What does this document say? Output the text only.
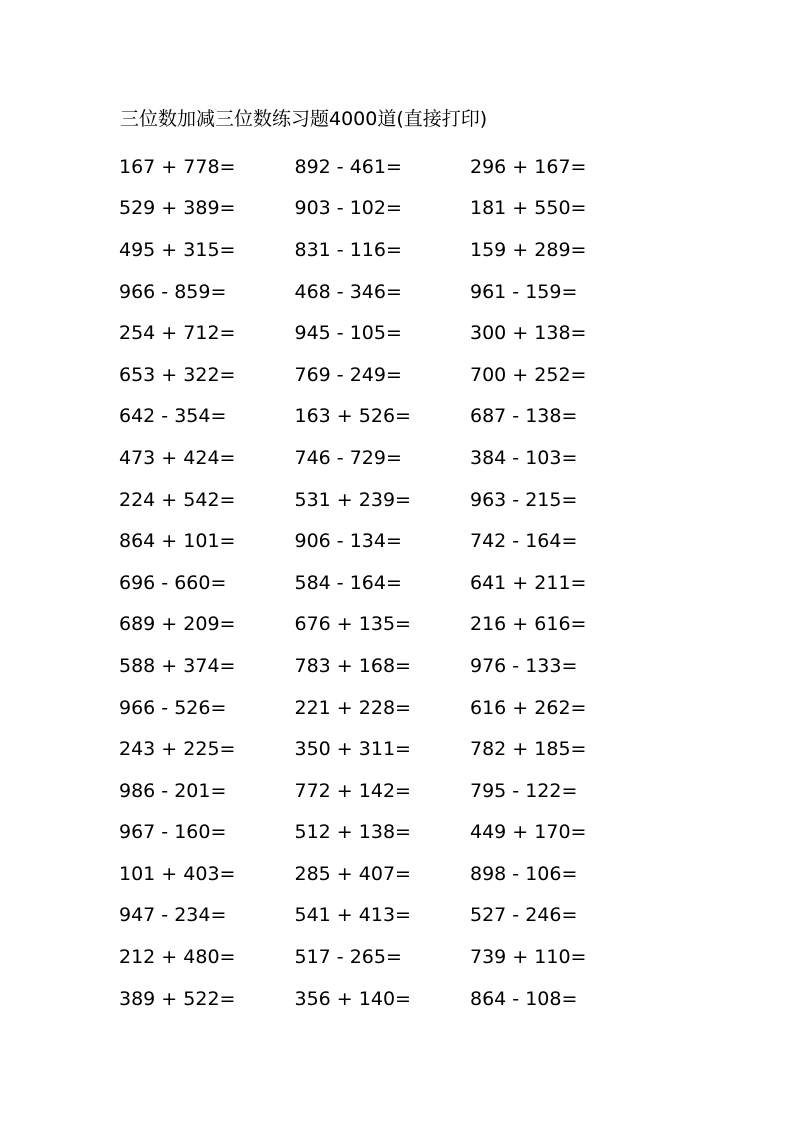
三位数加减三位数练习题4000道(直接打印)
167 + 778=	892 - 461=	296 + 167=
529 + 389=	903 - 102=	181 + 550=
495 + 315=	831 - 116=	159 + 289=
966 - 859=	468 - 346=	961 - 159=
254 + 712=	945 - 105=	300 + 138=
653 + 322=	769 - 249=	700 + 252=
642 - 354=	163 + 526=	687 - 138=
473 + 424=	746 - 729=	384 - 103=
224 + 542=	531 + 239=	963 - 215=
864 + 101=	906 - 134=	742 - 164=
696 - 660=	584 - 164=	641 + 211=
689 + 209=	676 + 135=	216 + 616=
588 + 374=	783 + 168=	976 - 133=
966 - 526=	221 + 228=	616 + 262=
243 + 225=	350 + 311=	782 + 185=
986 - 201=	772 + 142=	795 - 122=
967 - 160=	512 + 138=	449 + 170=
101 + 403=	285 + 407=	898 - 106=
947 - 234=	541 + 413=	527 - 246=
212 + 480=	517 - 265=	739 + 110=
389 + 522=	356 + 140=	864 - 108=
